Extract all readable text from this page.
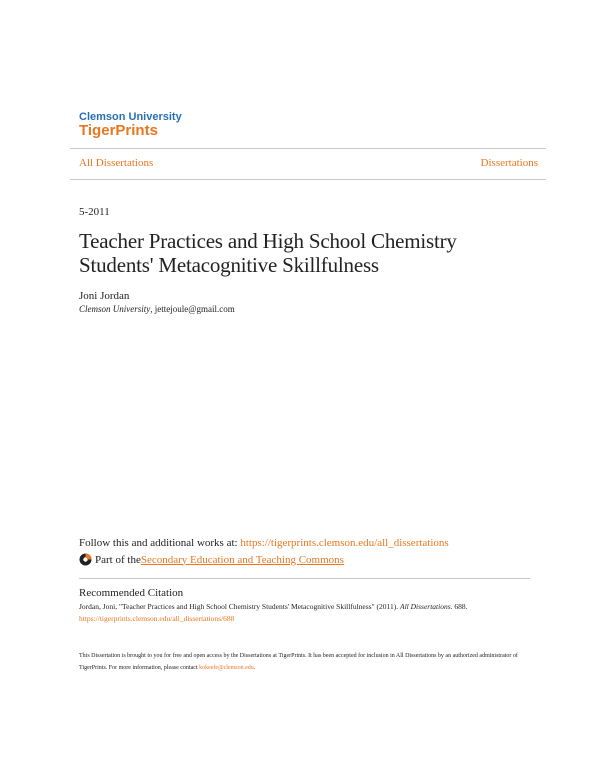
Clemson University
TigerPrints
All Dissertations	Dissertations
5-2011
Teacher Practices and High School Chemistry Students' Metacognitive Skillfulness
Joni Jordan
Clemson University, jettejoule@gmail.com
Follow this and additional works at: https://tigerprints.clemson.edu/all_dissertations
Part of the Secondary Education and Teaching Commons
Recommended Citation
Jordan, Joni, "Teacher Practices and High School Chemistry Students' Metacognitive Skillfulness" (2011). All Dissertations. 688.
https://tigerprints.clemson.edu/all_dissertations/688
This Dissertation is brought to you for free and open access by the Dissertations at TigerPrints. It has been accepted for inclusion in All Dissertations by an authorized administrator of TigerPrints. For more information, please contact kokeefe@clemson.edu.
